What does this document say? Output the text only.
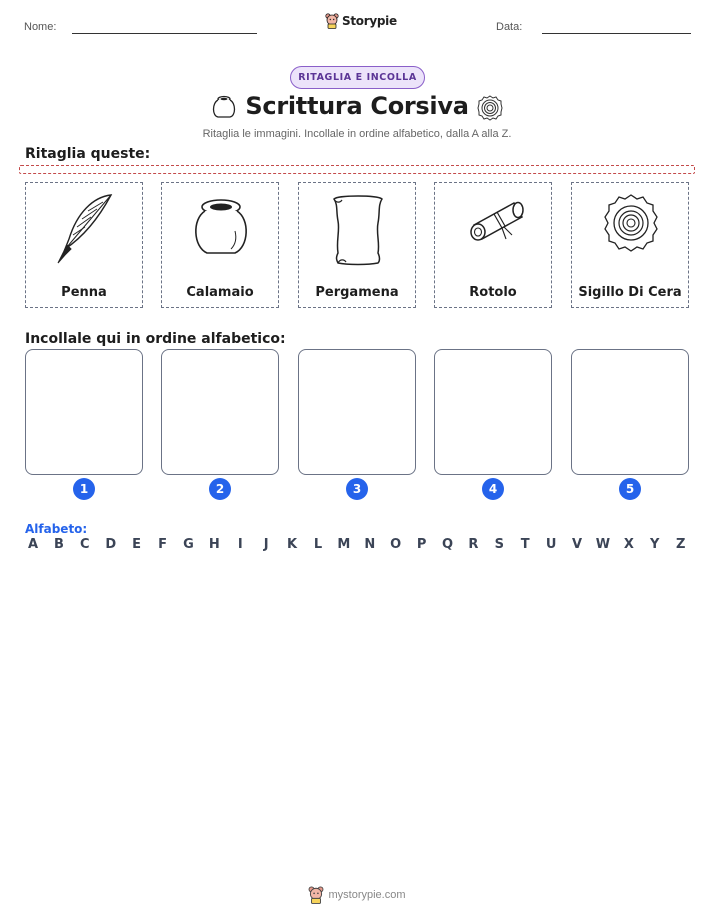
Nome:	Storypie	Data:
RITAGLIA E INCOLLA
Scrittura Corsiva
Ritaglia le immagini. Incollale in ordine alfabetico, dalla A alla Z.
Ritaglia queste:
Penna	Calamaio	Pergamena	Rotolo	Sigillo Di Cera
Incollale qui in ordine alfabetico:
1	2	3	4	5
Alfabeto:
A B C D E F G H	I	J	K L M N O P Q R S T U V W X Y Z
mystorypie.com
